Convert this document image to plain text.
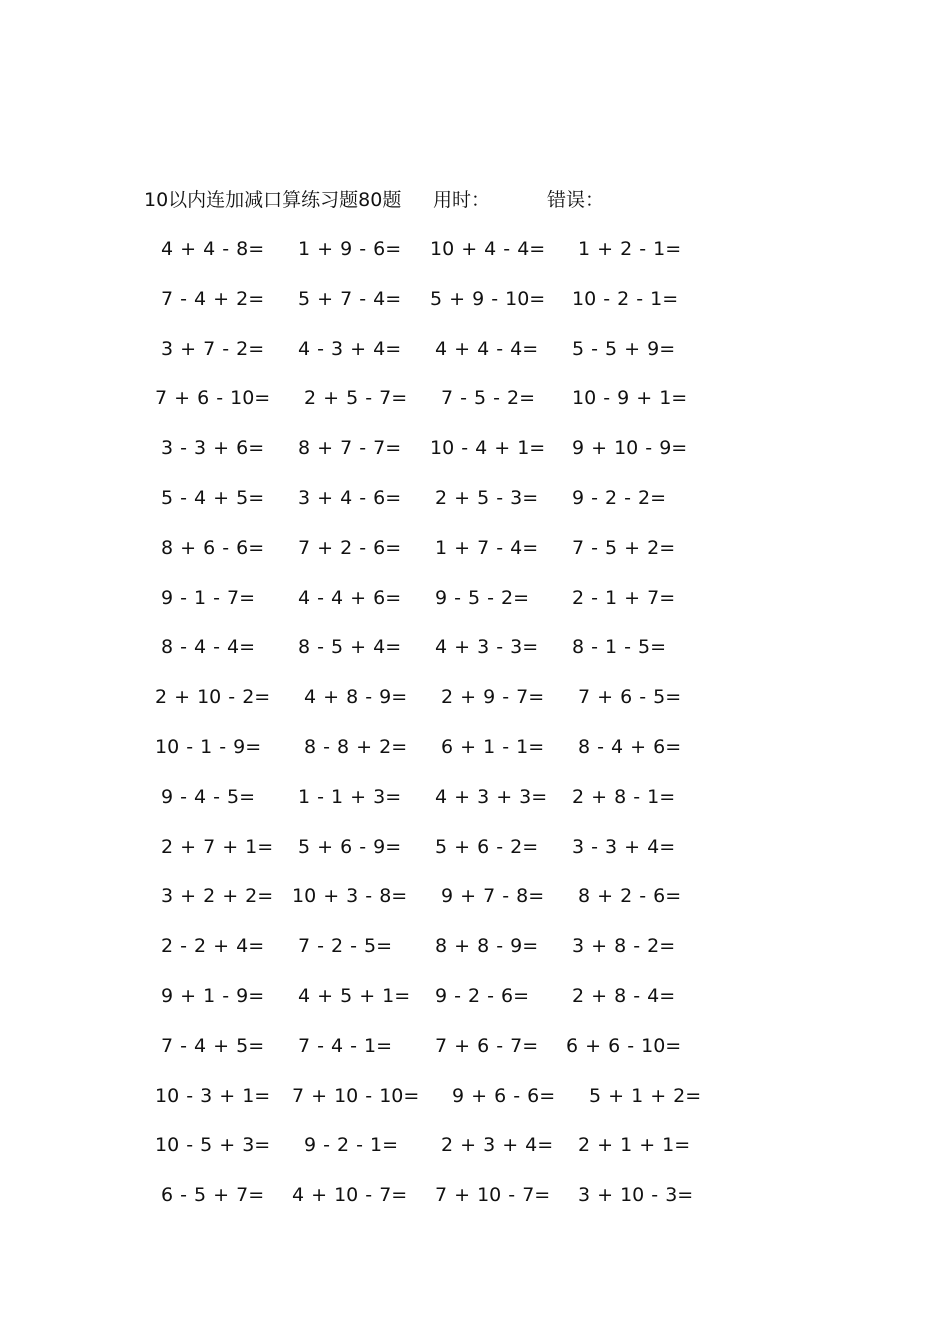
10以内连加减口算练习题80题 用时：	错误：
4 + 4 - 8= 1 + 9 - 6= 10 + 4 - 4= 1 + 2 - 1=
7 - 4 + 2= 5 + 7 - 4= 5 + 9 - 10= 10 - 2 - 1=
3 + 7 - 2= 4 - 3 + 4= 4 + 4 - 4= 5 - 5 + 9=
7 + 6 - 10= 2 + 5 - 7= 7 - 5 - 2= 10 - 9 + 1=
3 - 3 + 6= 8 + 7 - 7= 10 - 4 + 1= 9 + 10 - 9=
5 - 4 + 5= 3 + 4 - 6= 2 + 5 - 3= 9 - 2 - 2=
8 + 6 - 6= 7 + 2 - 6= 1 + 7 - 4= 7 - 5 + 2=
9 - 1 - 7= 4 - 4 + 6= 9 - 5 - 2= 2 - 1 + 7=
8 - 4 - 4= 8 - 5 + 4= 4 + 3 - 3= 8 - 1 - 5=
2 + 10 - 2= 4 + 8 - 9= 2 + 9 - 7= 7 + 6 - 5=
10 - 1 - 9= 8 - 8 + 2= 6 + 1 - 1= 8 - 4 + 6=
9 - 4 - 5= 1 - 1 + 3= 4 + 3 + 3= 2 + 8 - 1=
2 + 7 + 1= 5 + 6 - 9= 5 + 6 - 2= 3 - 3 + 4=
3 + 2 + 2= 10 + 3 - 8= 9 + 7 - 8= 8 + 2 - 6=
2 - 2 + 4= 7 - 2 - 5= 8 + 8 - 9= 3 + 8 - 2=
9 + 1 - 9= 4 + 5 + 1= 9 - 2 - 6= 2 + 8 - 4=
7 - 4 + 5= 7 - 4 - 1= 7 + 6 - 7= 6 + 6 - 10=
10 - 3 + 1= 7 + 10 - 10= 9 + 6 - 6= 5 + 1 + 2=
10 - 5 + 3= 9 - 2 - 1= 2 + 3 + 4= 2 + 1 + 1=
6 - 5 + 7= 4 + 10 - 7= 7 + 10 - 7= 3 + 10 - 3=
